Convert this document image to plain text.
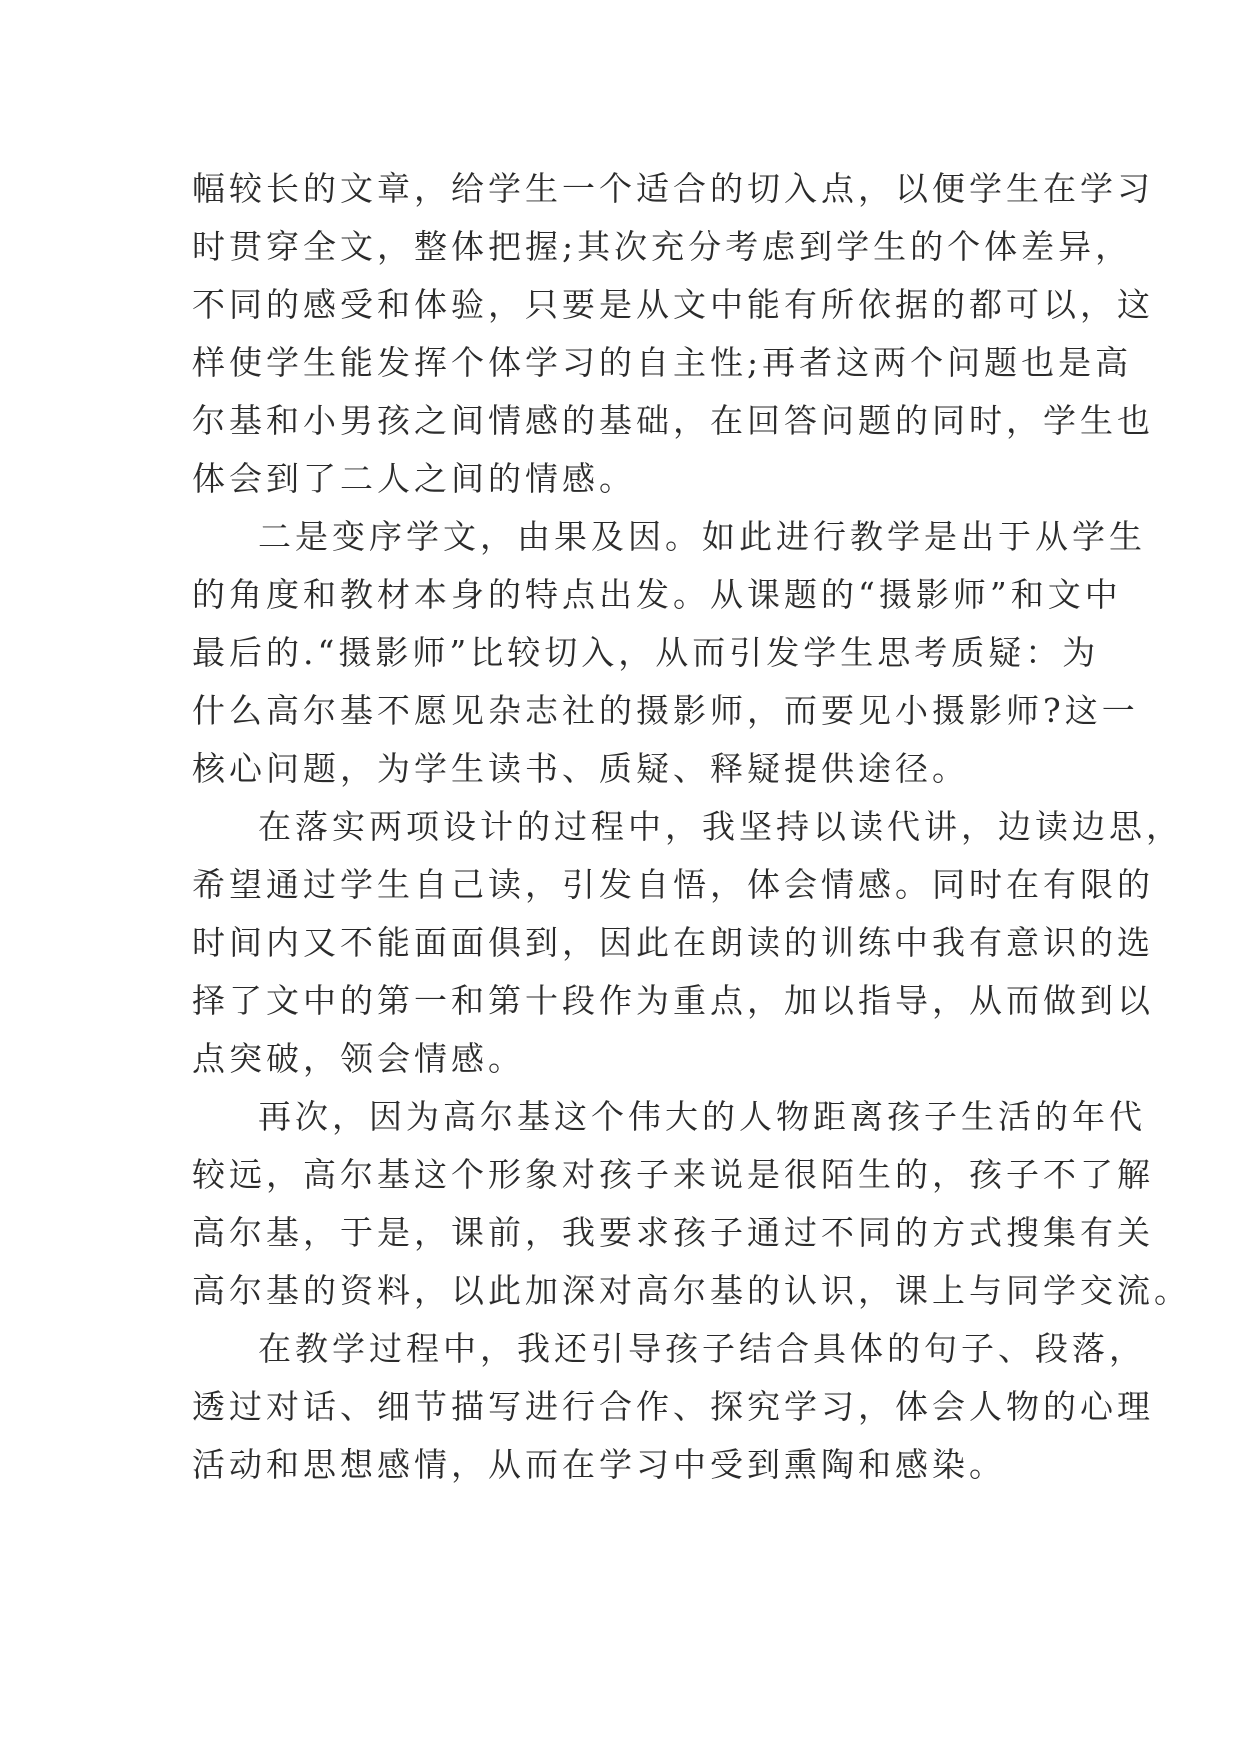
幅较长的文章，给学生一个适合的切入点，以便学生在学习
时贯穿全文，整体把握;其次充分考虑到学生的个体差异，
不同的感受和体验，只要是从文中能有所依据的都可以，这
样使学生能发挥个体学习的自主性;再者这两个问题也是高
尔基和小男孩之间情感的基础，在回答问题的同时，学生也
体会到了二人之间的情感。
二是变序学文，由果及因。如此进行教学是出于从学生
的角度和教材本身的特点出发。从课题的“摄影师”和文中
最后的.“摄影师”比较切入，从而引发学生思考质疑：为
什么高尔基不愿见杂志社的摄影师，而要见小摄影师?这一
核心问题，为学生读书、质疑、释疑提供途径。
在落实两项设计的过程中，我坚持以读代讲，边读边思，
希望通过学生自己读，引发自悟，体会情感。同时在有限的
时间内又不能面面俱到，因此在朗读的训练中我有意识的选
择了文中的第一和第十段作为重点，加以指导，从而做到以
点突破，领会情感。
再次，因为高尔基这个伟大的人物距离孩子生活的年代
较远，高尔基这个形象对孩子来说是很陌生的，孩子不了解
高尔基，于是，课前，我要求孩子通过不同的方式搜集有关
高尔基的资料，以此加深对高尔基的认识，课上与同学交流。
在教学过程中，我还引导孩子结合具体的句子、段落，
透过对话、细节描写进行合作、探究学习，体会人物的心理
活动和思想感情，从而在学习中受到熏陶和感染。
